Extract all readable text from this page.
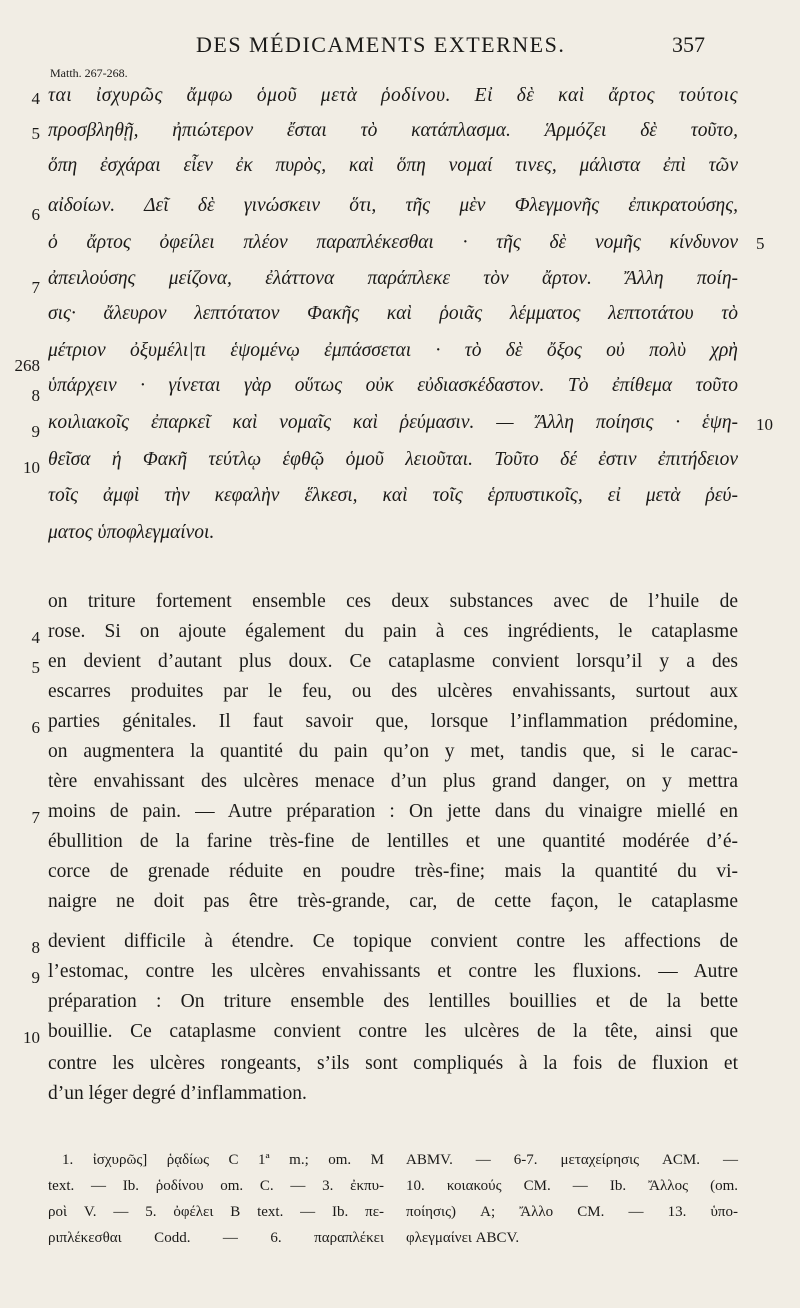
DES MÉDICAMENTS EXTERNES.	357
Matth. 267-268.
4 ται ἰσχυρῶς ἄμφω ὁμοῦ μετὰ ῥοδίνου. Εἰ δὲ καὶ ἄρτος τούτοις
5 προσβληθῇ, ἠπιώτερον ἔσται τὸ κατάπλασμα. Ἁρμόζει δὲ τοῦτο,
ὅπη ἐσχάραι εἶεν ἐκ πυρὸς, καὶ ὅπη νομαί τινες, μάλιστα ἐπὶ τῶν
6 αἰδοίων. Δεῖ δὲ γινώσκειν ὅτι, τῆς μὲν Φλεγμονῆς ἐπικρατούσης,
ὁ ἄρτος ὀφείλει πλέον παραπλέκεσθαι · τῆς δὲ νομῆς κίνδυνον
7 ἀπειλούσης μείζονα, ἐλάττονα παράπλεκε τὸν ἄρτον. Ἄλλη ποίη-
σις· ἄλευρον λεπτότατον Φακῆς καὶ ῥοιᾶς λέμματος λεπτοτάτου τὸ
268
μέτριον ὀξυμέλι|τι ἑψομένῳ ἐμπάσσεται · τὸ δὲ ὄξος οὐ πολὺ χρὴ
8 ὑπάρχειν · γίνεται γὰρ οὕτως οὐκ εὐδιασκέδαστον. Τὸ ἐπίθεμα τοῦτο
9 κοιλιακοῖς ἐπαρκεῖ καὶ νομαῖς καὶ ῥεύμασιν. — Ἄλλη ποίησις · ἑψη-
10 θεῖσα ἡ Φακῆ τεύτλῳ ἑφθῷ ὁμοῦ λειοῦται. Τοῦτο δέ ἐστιν ἐπιτήδειον
τοῖς ἀμφὶ τὴν κεφαλὴν ἕλκεσι, καὶ τοῖς ἑρπυστικοῖς, εἰ μετὰ ῥεύ-
ματος ὑποφλεγμαίνοι.
5
10
on triture fortement ensemble ces deux substances avec de l’huile de
4 rose. Si on ajoute également du pain à ces ingrédients, le cataplasme
5 en devient d’autant plus doux. Ce cataplasme convient lorsqu’il y a des
escarres produites par le feu, ou des ulcères envahissants, surtout aux
6 parties génitales. Il faut savoir que, lorsque l’inflammation prédomine,
on augmentera la quantité du pain qu’on y met, tandis que, si le carac-
tère envahissant des ulcères menace d’un plus grand danger, on y mettra
7 moins de pain. — Autre préparation : On jette dans du vinaigre miellé en
ébullition de la farine très-fine de lentilles et une quantité modérée d’é-
corce de grenade réduite en poudre très-fine; mais la quantité du vi-
naigre ne doit pas être très-grande, car, de cette façon, le cataplasme
8 devient difficile à étendre. Ce topique convient contre les affections de
9 l’estomac, contre les ulcères envahissants et contre les fluxions. — Autre
préparation : On triture ensemble des lentilles bouillies et de la bette
10 bouillie. Ce cataplasme convient contre les ulcères de la tête, ainsi que
contre les ulcères rongeants, s’ils sont compliqués à la fois de fluxion et
d’un léger degré d’inflammation.
1. ἰσχυρῶς] ῥᾳδίως C 1ª m.; om. M
text. — Ib. ῥοδίνου om. C. — 3. ἐκπυ-
ροὶ V. — 5. ὀφέλει B text. — Ib. πε-
ριπλέκεσθαι Codd. — 6. παραπλέκει
ABMV. — 6-7. μεταχείρησις ACM. —
10. κοιακούς CM. — Ib. Ἄλλος (om.
ποίησις) A; Ἄλλο CM. — 13. ὑπο-
φλεγμαίνει ABCV.
